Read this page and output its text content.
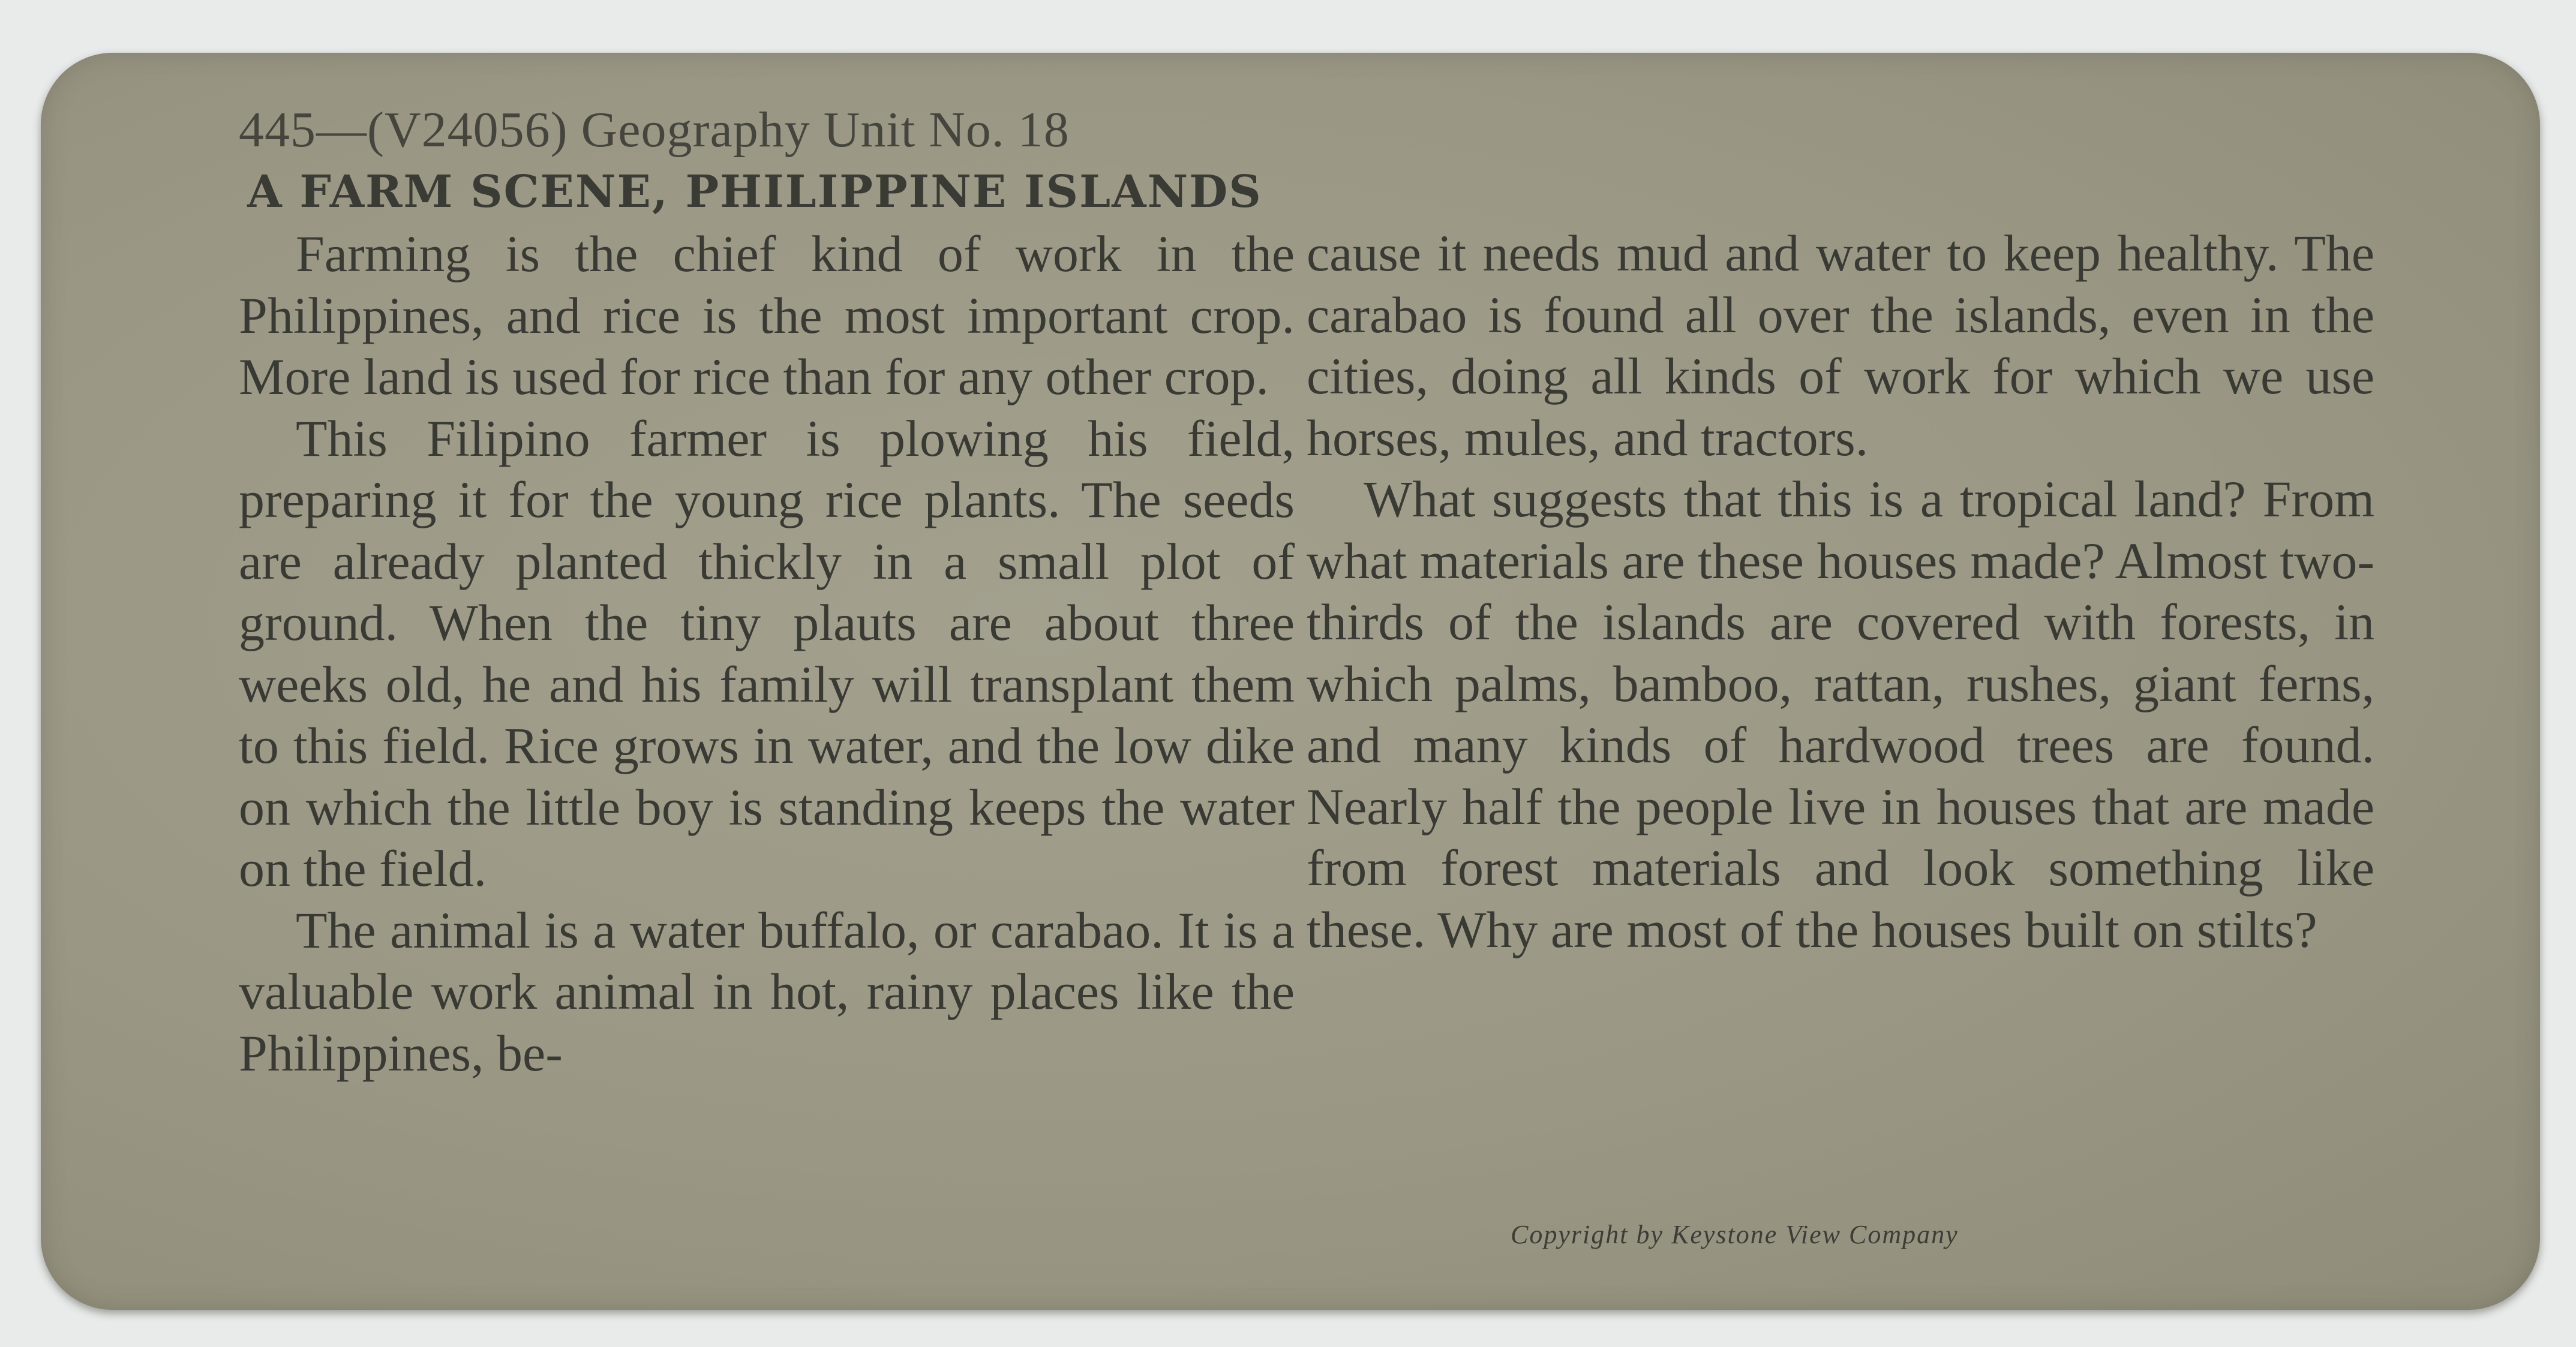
445—(V24056) Geography Unit No. 18
A FARM SCENE, PHILIPPINE ISLANDS

Farming is the chief kind of work in the Philippines, and rice is the most important crop. More land is used for rice than for any other crop.

This Filipino farmer is plowing his field, preparing it for the young rice plants. The seeds are already planted thickly in a small plot of ground. When the tiny plauts are about three weeks old, he and his family will transplant them to this field. Rice grows in water, and the low dike on which the little boy is standing keeps the water on the field.

The animal is a water buffalo, or carabao. It is a valuable work animal in hot, rainy places like the Philippines, be-

cause it needs mud and water to keep healthy. The carabao is found all over the islands, even in the cities, doing all kinds of work for which we use horses, mules, and tractors.

What suggests that this is a tropical land? From what materials are these houses made? Almost two-thirds of the islands are covered with forests, in which palms, bamboo, rattan, rushes, giant ferns, and many kinds of hardwood trees are found. Nearly half the people live in houses that are made from forest materials and look something like these. Why are most of the houses built on stilts?

Copyright by Keystone View Company
